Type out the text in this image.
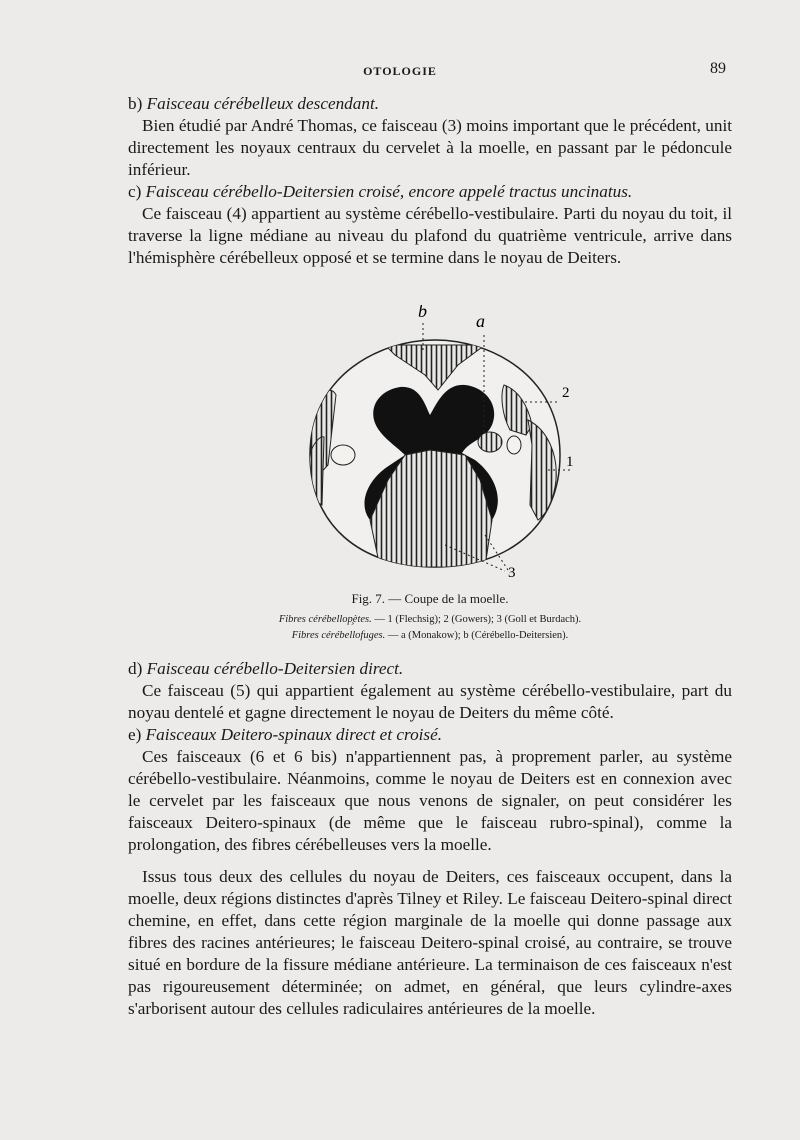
OTOLOGIE	89

b) Faisceau cérébelleux descendant.

Bien étudié par André Thomas, ce faisceau (3) moins important que le précédent, unit directement les noyaux centraux du cervelet à la moelle, en passant par le pédoncule inférieur.

c) Faisceau cérébello-Deitersien croisé, encore appelé tractus uncinatus.

Ce faisceau (4) appartient au système cérébello-vestibulaire. Parti du noyau du toit, il traverse la ligne médiane au niveau du plafond du quatrième ventricule, arrive dans l'hémisphère cérébelleux opposé et se termine dans le noyau de Deiters.

b	a
2
1
3
Fig. 7. — Coupe de la moelle.
Fibres cérébellop̧ètes. — 1 (Flechsig); 2 (Gowers); 3 (Goll et Burdach).
Fibres cérébellofuges. — a (Monakow); b (Cérébello-Deitersien).

d) Faisceau cérébello-Deitersien direct.

Ce faisceau (5) qui appartient également au système cérébello-vestibulaire, part du noyau dentelé et gagne directement le noyau de Deiters du même côté.

e) Faisceaux Deitero-spinaux direct et croisé.

Ces faisceaux (6 et 6 bis) n'appartiennent pas, à proprement parler, au système cérébello-vestibulaire. Néanmoins, comme le noyau de Deiters est en connexion avec le cervelet par les faisceaux que nous venons de signaler, on peut considérer les faisceaux Deitero-spinaux (de même que le faisceau rubro-spinal), comme la prolongation, des fibres cérébelleuses vers la moelle.

Issus tous deux des cellules du noyau de Deiters, ces faisceaux occupent, dans la moelle, deux régions distinctes d'après Tilney et Riley. Le faisceau Deitero-spinal direct chemine, en effet, dans cette région marginale de la moelle qui donne passage aux fibres des racines antérieures; le faisceau Deitero-spinal croisé, au contraire, se trouve situé en bordure de la fissure médiane antérieure. La terminaison de ces faisceaux n'est pas rigoureusement déterminée; on admet, en général, que leurs cylindre-axes s'arborisent autour des cellules radiculaires antérieures de la moelle.
